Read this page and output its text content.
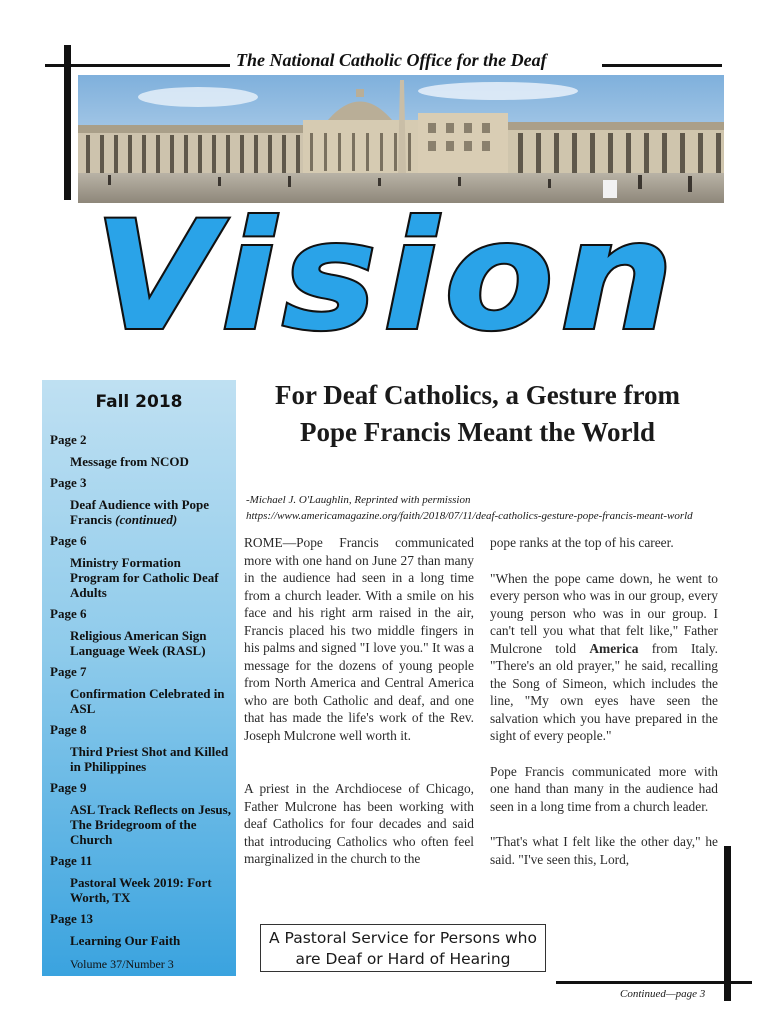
The National Catholic Office for the Deaf
Vision
Fall 2018
Page 2
Message from NCOD
Page 3
Deaf Audience with Pope Francis (continued)
Page 6
Ministry Formation Program for Catholic Deaf Adults
Page 6
Religious American Sign Language Week (RASL)
Page 7
Confirmation Celebrated in ASL
Page 8
Third Priest Shot and Killed in Philippines
Page 9
ASL Track Reflects on Jesus, The Bridegroom of the Church
Page 11
Pastoral Week 2019: Fort Worth, TX
Page 13
Learning Our Faith
Volume 37/Number 3
For Deaf Catholics, a Gesture from Pope Francis Meant the World
-Michael J. O'Laughlin, Reprinted with permission
https://www.americamagazine.org/faith/2018/07/11/deaf-catholics-gesture-pope-francis-meant-world

ROME—Pope Francis communicated more with one hand on June 27 than many in the audience had seen in a long time from a church leader. With a smile on his face and his right arm raised in the air, Francis placed his two middle fingers in his palms and signed "I love you." It was a message for the dozens of young people from North America and Central America who are both Catholic and deaf, and one that has made the life's work of the Rev. Joseph Mulcrone well worth it.

A priest in the Archdiocese of Chicago, Father Mulcrone has been working with deaf Catholics for four decades and said that introducing Catholics who often feel marginalized in the church to the

pope ranks at the top of his career.

"When the pope came down, he went to every person who was in our group, every young person who was in our group. I can't tell you what that felt like," Father Mulcrone told America from Italy. "There's an old prayer," he said, recalling the Song of Simeon, which includes the line, "My own eyes have seen the salvation which you have prepared in the sight of every people."

Pope Francis communicated more with one hand than many in the audience had seen in a long time from a church leader.

"That's what I felt like the other day," he said. "I've seen this, Lord,

A Pastoral Service for Persons who are Deaf or Hard of Hearing
Continued—page 3
